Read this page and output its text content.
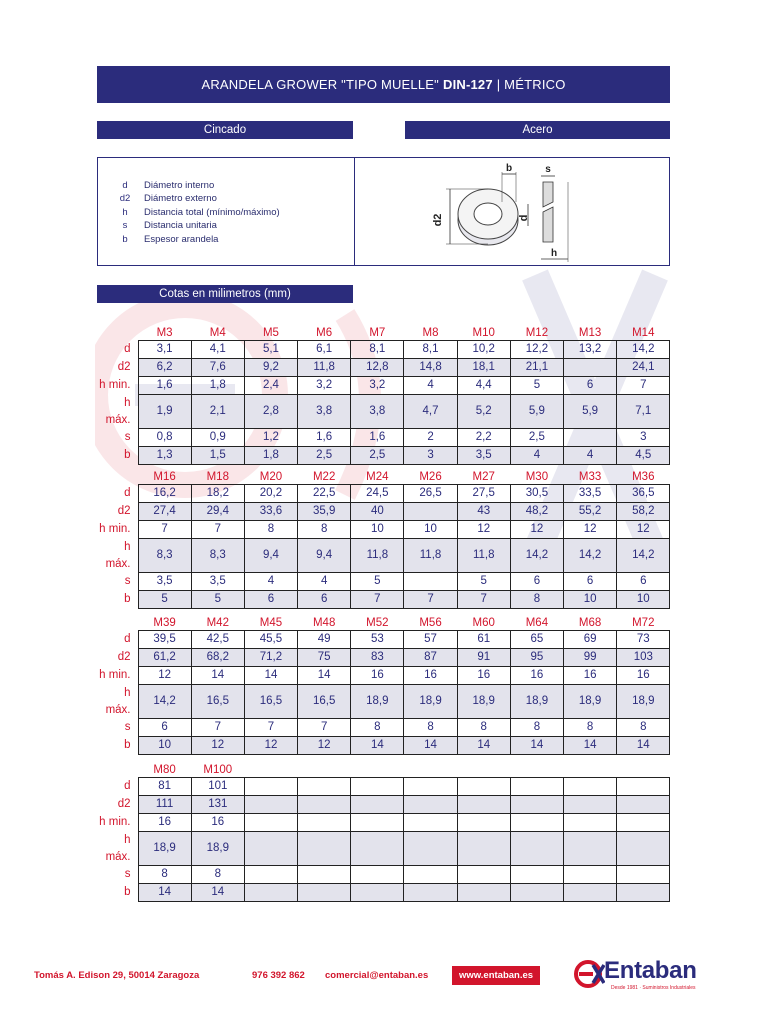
ARANDELA GROWER "TIPO MUELLE" DIN-127 | MÉTRICO
Cincado	Acero
d	Diámetro interno
d2	Diámetro externo
h	Distancia total (mínimo/máximo)
s	Distancia unitaria
b	Espesor arandela
d2
b
d
s
h
Cotas en milimetros (mm)
	M3	M4	M5	M6	M7	M8	M10	M12	M13	M14
d	3,1	4,1	5,1	6,1	8,1	8,1	10,2	12,2	13,2	14,2
d2	6,2	7,6	9,2	11,8	12,8	14,8	18,1	21,1		24,1
h min.	1,6	1,8	2,4	3,2	3,2	4	4,4	5	6	7
h máx.	1,9	2,1	2,8	3,8	3,8	4,7	5,2	5,9	5,9	7,1
s	0,8	0,9	1,2	1,6	1,6	2	2,2	2,5		3
b	1,3	1,5	1,8	2,5	2,5	3	3,5	4	4	4,5
	M16	M18	M20	M22	M24	M26	M27	M30	M33	M36
d	16,2	18,2	20,2	22,5	24,5	26,5	27,5	30,5	33,5	36,5
d2	27,4	29,4	33,6	35,9	40		43	48,2	55,2	58,2
h min.	7	7	8	8	10	10	12	12	12	12
h máx.	8,3	8,3	9,4	9,4	11,8	11,8	11,8	14,2	14,2	14,2
s	3,5	3,5	4	4	5		5	6	6	6
b	5	5	6	6	7	7	7	8	10	10
	M39	M42	M45	M48	M52	M56	M60	M64	M68	M72
d	39,5	42,5	45,5	49	53	57	61	65	69	73
d2	61,2	68,2	71,2	75	83	87	91	95	99	103
h min.	12	14	14	14	16	16	16	16	16	16
h máx.	14,2	16,5	16,5	16,5	18,9	18,9	18,9	18,9	18,9	18,9
s	6	7	7	7	8	8	8	8	8	8
b	10	12	12	12	14	14	14	14	14	14
	M80	M100								
d	81	101								
d2	111	131								
h min.	16	16								
h máx.	18,9	18,9								
s	8	8								
b	14	14								
Tomás A. Edison 29, 50014 Zaragoza	976 392 862 comercial@entaban.es	www.entaban.es	Entaban
Desde 1981 · Suministros Industriales
